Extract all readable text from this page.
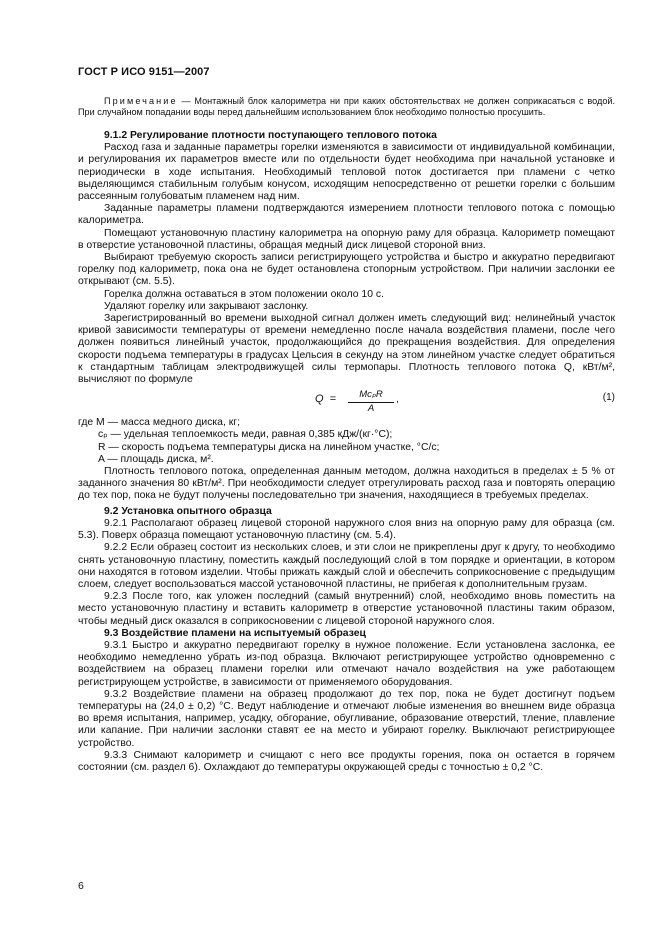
ГОСТ Р ИСО 9151—2007

Примечание — Монтажный блок калориметра ни при каких обстоятельствах не должен соприкасаться с водой. При случайном попадании воды перед дальнейшим использованием блок необходимо полностью просушить.

9.1.2 Регулирование плотности поступающего теплового потока

Расход газа и заданные параметры горелки изменяются в зависимости от индивидуальной комбинации, и регулирования их параметров вместе или по отдельности будет необходима при начальной установке и периодически в ходе испытания. Необходимый тепловой поток достигается при пламени с четко выделяющимся стабильным голубым конусом, исходящим непосредственно от решетки горелки с большим рассеянным голубоватым пламенем над ним.

Заданные параметры пламени подтверждаются измерением плотности теплового потока с помощью калориметра.

Помещают установочную пластину калориметра на опорную раму для образца. Калориметр помещают в отверстие установочной пластины, обращая медный диск лицевой стороной вниз.

Выбирают требуемую скорость записи регистрирующего устройства и быстро и аккуратно передвигают горелку под калориметр, пока она не будет остановлена стопорным устройством. При наличии заслонки ее открывают (см. 5.5).

Горелка должна оставаться в этом положении около 10 с.

Удаляют горелку или закрывают заслонку.

Зарегистрированный во времени выходной сигнал должен иметь следующий вид: нелинейный участок кривой зависимости температуры от времени немедленно после начала воздействия пламени, после чего должен появиться линейный участок, продолжающийся до прекращения воздействия. Для определения скорости подъема температуры в градусах Цельсия в секунду на этом линейном участке следует обратиться к стандартным таблицам электродвижущей силы термопары. Плотность теплового потока Q, кВт/м², вычисляют по формуле

Q =	McₚR
A
,	(1)

где M — масса медного диска, кг;

cₚ — удельная теплоемкость меди, равная 0,385 кДж/(кг·°С);

R — скорость подъема температуры диска на линейном участке, °С/с;

A — площадь диска, м².

Плотность теплового потока, определенная данным методом, должна находиться в пределах ± 5 % от заданного значения 80 кВт/м². При необходимости следует отрегулировать расход газа и повторять операцию до тех пор, пока не будут получены последовательно три значения, находящиеся в требуемых пределах.

9.2 Установка опытного образца

9.2.1 Располагают образец лицевой стороной наружного слоя вниз на опорную раму для образца (см. 5.3). Поверх образца помещают установочную пластину (см. 5.4).

9.2.2 Если образец состоит из нескольких слоев, и эти слои не прикреплены друг к другу, то необходимо снять установочную пластину, поместить каждый последующий слой в том порядке и ориентации, в котором они находятся в готовом изделии. Чтобы прижать каждый слой и обеспечить соприкосновение с предыдущим слоем, следует воспользоваться массой установочной пластины, не прибегая к дополнительным грузам.

9.2.3 После того, как уложен последний (самый внутренний) слой, необходимо вновь поместить на место установочную пластину и вставить калориметр в отверстие установочной пластины таким образом, чтобы медный диск оказался в соприкосновении с лицевой стороной наружного слоя.

9.3 Воздействие пламени на испытуемый образец

9.3.1 Быстро и аккуратно передвигают горелку в нужное положение. Если установлена заслонка, ее необходимо немедленно убрать из-под образца. Включают регистрирующее устройство одновременно с воздействием на образец пламени горелки или отмечают начало воздействия на уже работающем регистрирующем устройстве, в зависимости от применяемого оборудования.

9.3.2 Воздействие пламени на образец продолжают до тех пор, пока не будет достигнут подъем температуры на (24,0 ± 0,2) °С. Ведут наблюдение и отмечают любые изменения во внешнем виде образца во время испытания, например, усадку, обгорание, обугливание, образование отверстий, тление, плавление или капание. При наличии заслонки ставят ее на место и убирают горелку. Выключают регистрирующее устройство.

9.3.3 Снимают калориметр и счищают с него все продукты горения, пока он остается в горячем состоянии (см. раздел 6). Охлаждают до температуры окружающей среды с точностью ± 0,2 °С.

6
